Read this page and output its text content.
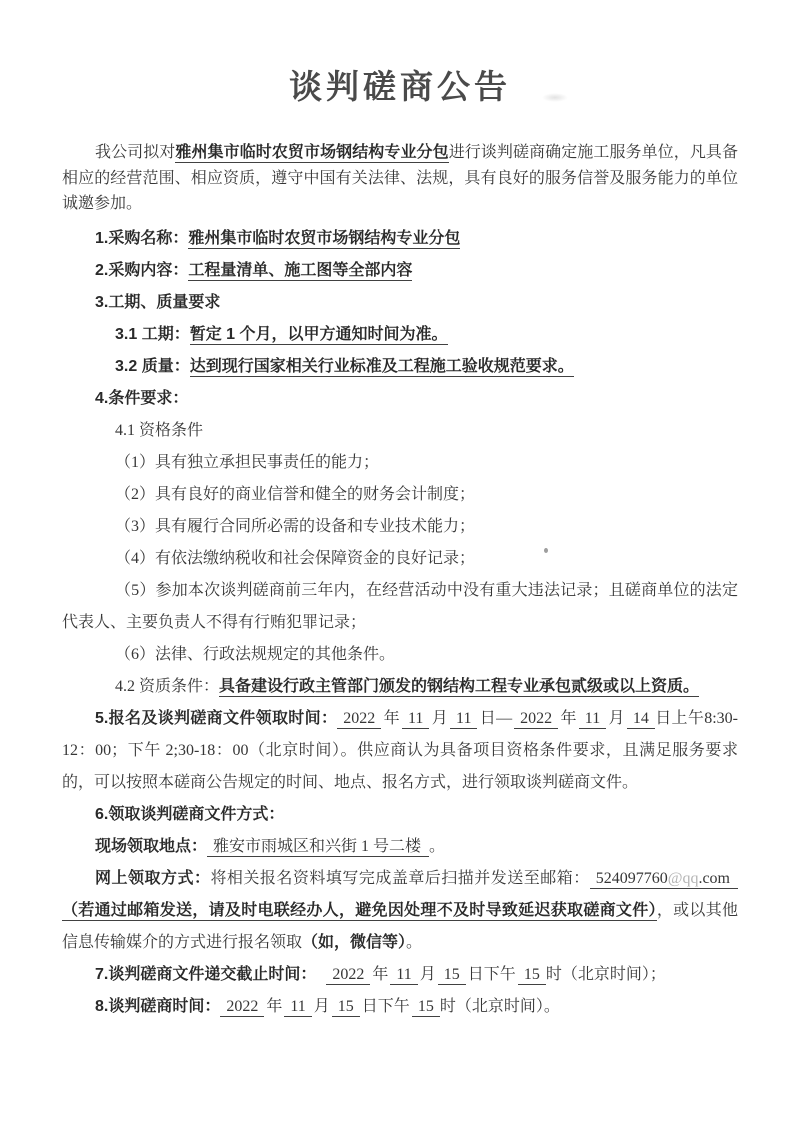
谈判磋商公告

我公司拟对雅州集市临时农贸市场钢结构专业分包进行谈判磋商确定施工服务单位，凡具备相应的经营范围、相应资质，遵守中国有关法律、法规，具有良好的服务信誉及服务能力的单位诚邀参加。

1.采购名称：雅州集市临时农贸市场钢结构专业分包
2.采购内容：工程量清单、施工图等全部内容
3.工期、质量要求
3.1 工期：暂定 1 个月，以甲方通知时间为准。
3.2 质量：达到现行国家相关行业标准及工程施工验收规范要求。
4.条件要求：
4.1 资格条件
（1）具有独立承担民事责任的能力；
（2）具有良好的商业信誉和健全的财务会计制度；
（3）具有履行合同所必需的设备和专业技术能力；
（4）有依法缴纳税收和社会保障资金的良好记录；

（5）参加本次谈判磋商前三年内，在经营活动中没有重大违法记录；且磋商单位的法定代表人、主要负责人不得有行贿犯罪记录；

（6）法律、行政法规规定的其他条件。
4.2 资质条件：具备建设行政主管部门颁发的钢结构工程专业承包贰级或以上资质。

5.报名及谈判磋商文件领取时间： 2022 年 11 月 11 日— 2022 年 11 月 14 日上午8:30-12：00；下午 2;30-18：00（北京时间）。供应商认为具备项目资格条件要求，且满足服务要求的，可以按照本磋商公告规定的时间、地点、报名方式，进行领取谈判磋商文件。

6.领取谈判磋商文件方式：
现场领取地点： 雅安市雨城区和兴街 1 号二楼 。

网上领取方式：将相关报名资料填写完成盖章后扫描并发送至邮箱： 524097760@qq.com（若通过邮箱发送，请及时电联经办人，避免因处理不及时导致延迟获取磋商文件），或以其他信息传输媒介的方式进行报名领取（如，微信等）。

7.谈判磋商文件递交截止时间： 2022 年 11 月 15 日下午 15 时（北京时间）；
8.谈判磋商时间： 2022 年 11 月 15 日下午 15 时（北京时间）。
